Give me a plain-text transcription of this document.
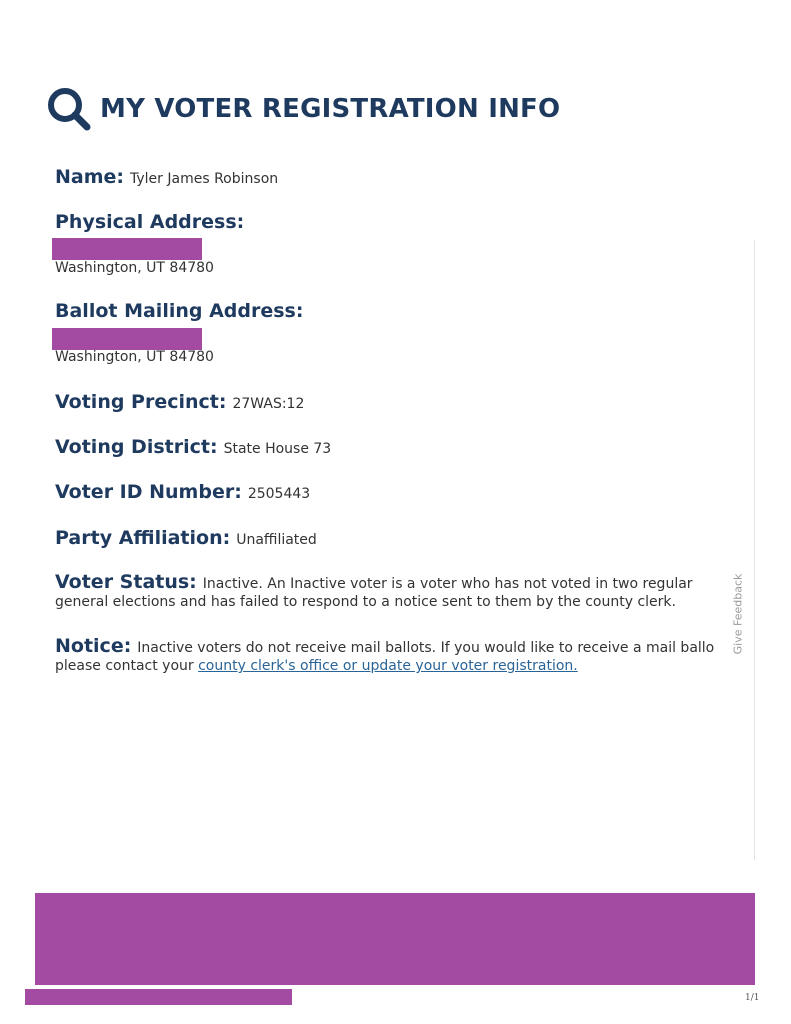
MY VOTER REGISTRATION INFO
Name: Tyler James Robinson
Physical Address:
Washington, UT 84780
Ballot Mailing Address:
Washington, UT 84780
Voting Precinct: 27WAS:12
Voting District: State House 73
Voter ID Number: 2505443
Party Affiliation: Unaffiliated
Voter Status: Inactive. An Inactive voter is a voter who has not voted in two regular general elections and has failed to respond to a notice sent to them by the county clerk.
Notice: Inactive voters do not receive mail ballots. If you would like to receive a mail ballo please contact your county clerk's office or update your voter registration.
Give Feedback
1/1
